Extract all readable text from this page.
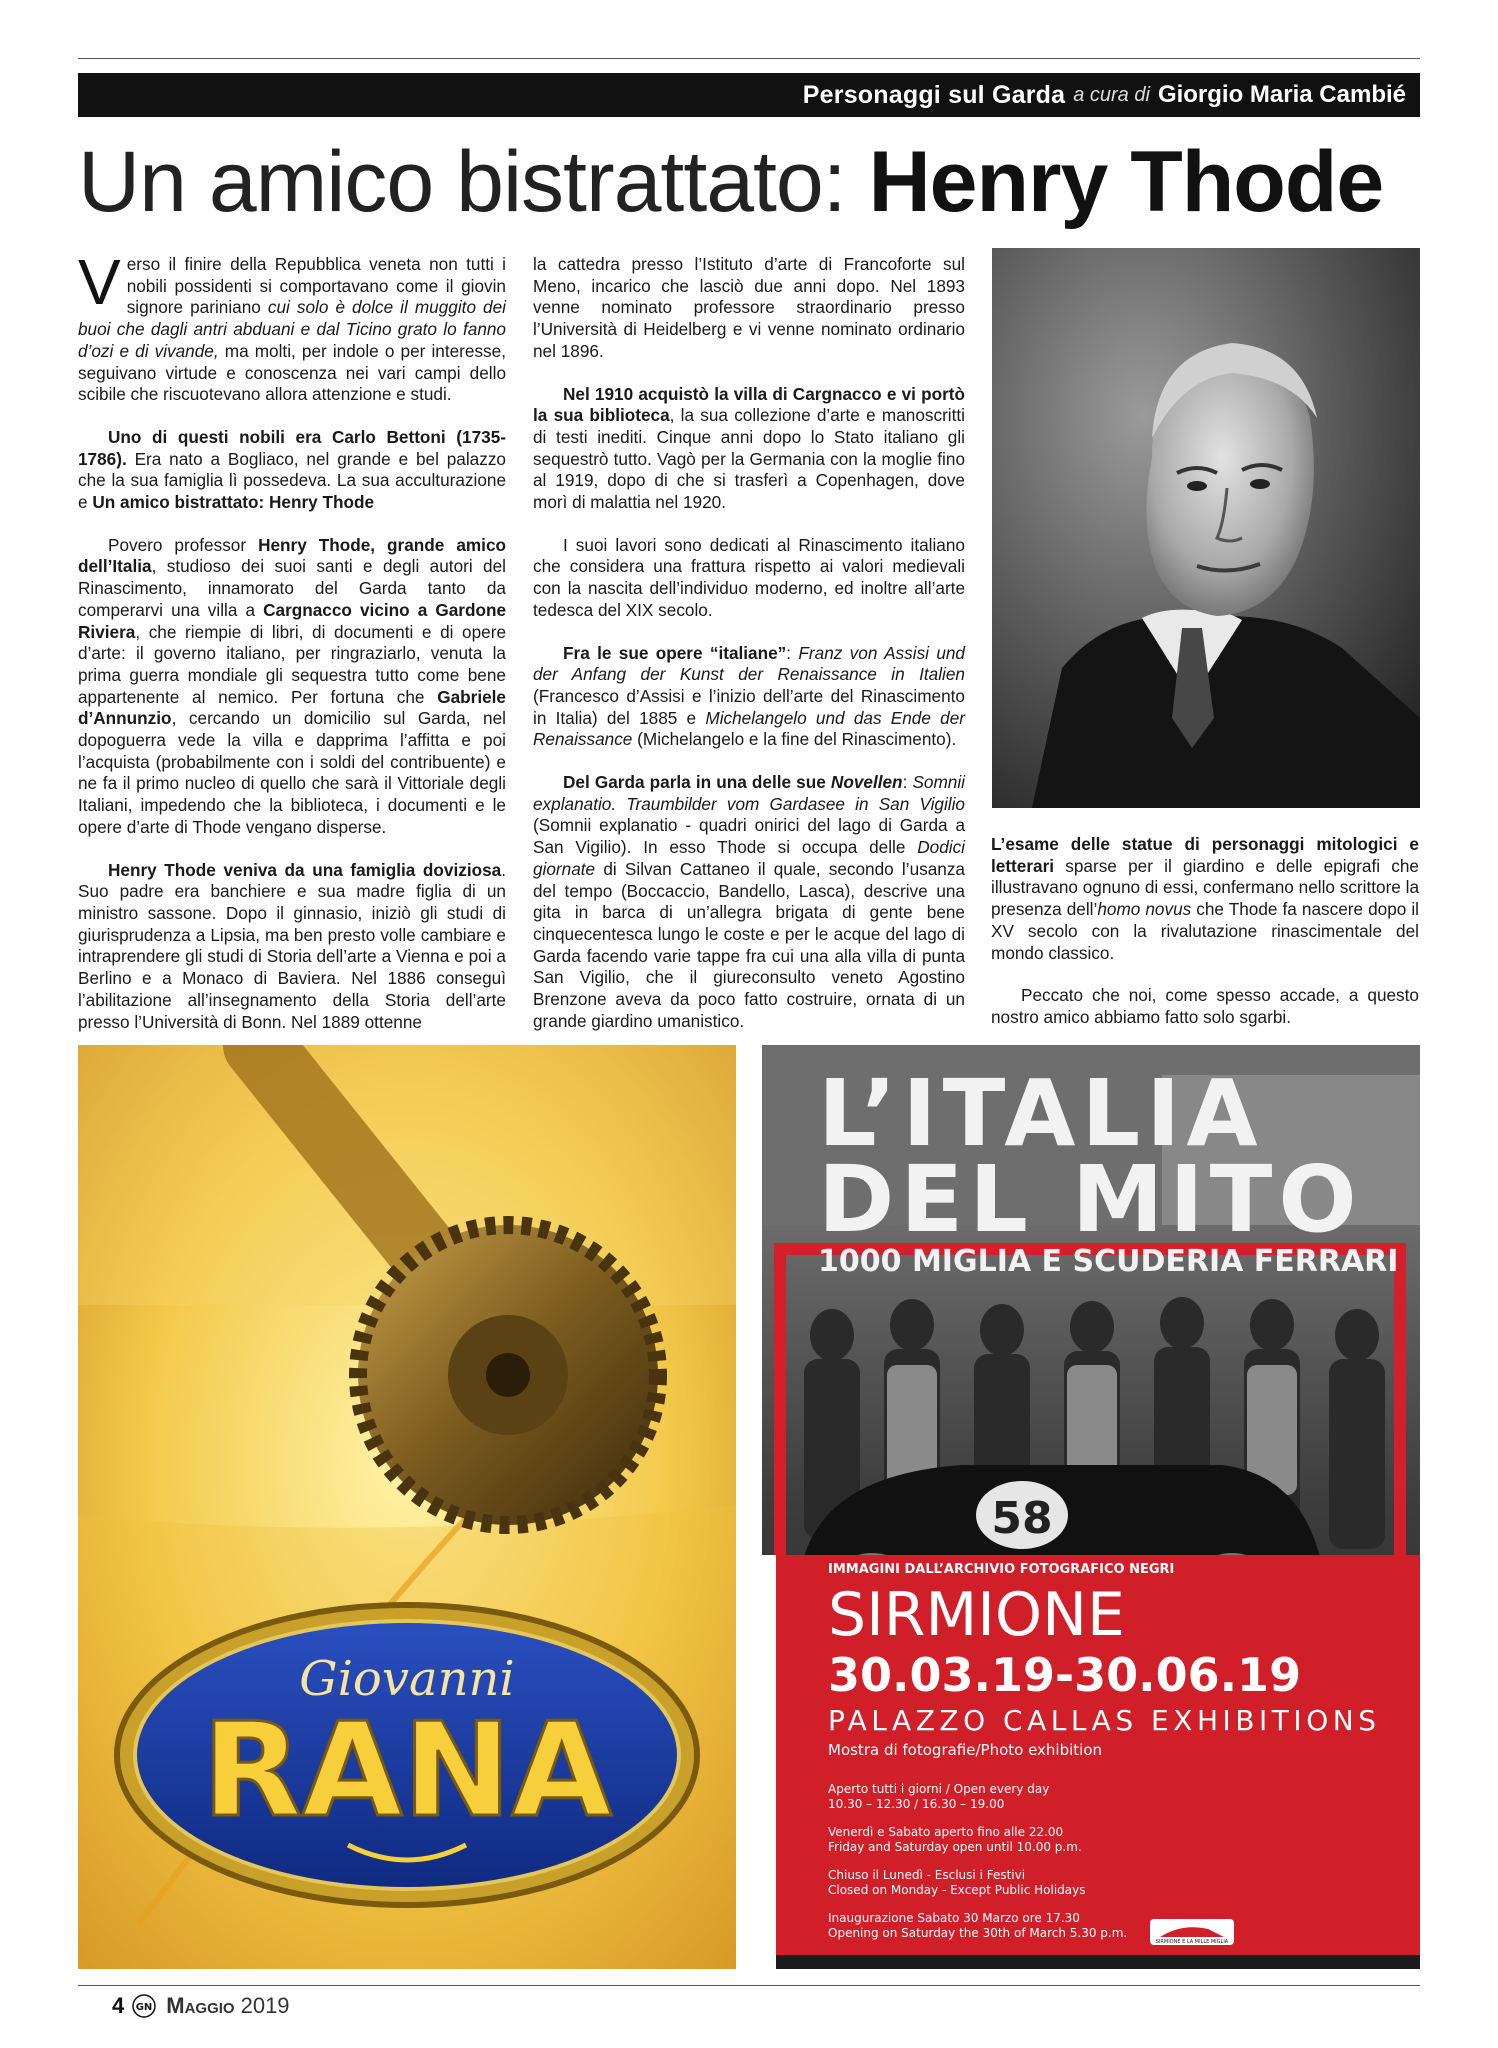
Personaggi sul Garda a cura di Giorgio Maria Cambié
Un amico bistrattato: Henry Thode

Verso il finire della Repubblica veneta non tutti i nobili possidenti si comportavano come il giovin signore pariniano cui solo è dolce il muggito dei buoi che dagli antri abduani e dal Ticino grato lo fanno d’ozi e di vivande, ma molti, per indole o per interesse, seguivano virtude e conoscenza nei vari campi dello scibile che riscuotevano allora attenzione e studi.

Uno di questi nobili era Carlo Bettoni (1735-1786). Era nato a Bogliaco, nel grande e bel palazzo che la sua famiglia lì possedeva. La sua acculturazione e Un amico bistrattato: Henry Thode

Povero professor Henry Thode, grande amico dell’Italia, studioso dei suoi santi e degli autori del Rinascimento, innamorato del Garda tanto da comperarvi una villa a Cargnacco vicino a Gardone Riviera, che riempie di libri, di documenti e di opere d’arte: il governo italiano, per ringraziarlo, venuta la prima guerra mondiale gli sequestra tutto come bene appartenente al nemico. Per fortuna che Gabriele d’Annunzio, cercando un domicilio sul Garda, nel dopoguerra vede la villa e dapprima l’affitta e poi l’acquista (probabilmente con i soldi del contribuente) e ne fa il primo nucleo di quello che sarà il Vittoriale degli Italiani, impedendo che la biblioteca, i documenti e le opere d’arte di Thode vengano disperse.

Henry Thode veniva da una famiglia doviziosa. Suo padre era banchiere e sua madre figlia di un ministro sassone. Dopo il ginnasio, iniziò gli studi di giurisprudenza a Lipsia, ma ben presto volle cambiare e intraprendere gli studi di Storia dell’arte a Vienna e poi a Berlino e a Monaco di Baviera. Nel 1886 conseguì l’abilitazione all’insegnamento della Storia dell’arte presso l’Università di Bonn. Nel 1889 ottenne

la cattedra presso l’Istituto d’arte di Francoforte sul Meno, incarico che lasciò due anni dopo. Nel 1893 venne nominato professore straordinario presso l’Università di Heidelberg e vi venne nominato ordinario nel 1896.

Nel 1910 acquistò la villa di Cargnacco e vi portò la sua biblioteca, la sua collezione d’arte e manoscritti di testi inediti. Cinque anni dopo lo Stato italiano gli sequestrò tutto. Vagò per la Germania con la moglie fino al 1919, dopo di che si trasferì a Copenhagen, dove morì di malattia nel 1920.

I suoi lavori sono dedicati al Rinascimento italiano che considera una frattura rispetto ai valori medievali con la nascita dell’individuo moderno, ed inoltre all’arte tedesca del XIX secolo.

Fra le sue opere “italiane”: Franz von Assisi und der Anfang der Kunst der Renaissance in Italien (Francesco d’Assisi e l’inizio dell’arte del Rinascimento in Italia) del 1885 e Michelangelo und das Ende der Renaissance (Michelangelo e la fine del Rinascimento).

Del Garda parla in una delle sue Novellen: Somnii explanatio. Traumbilder vom Gardasee in San Vigilio (Somnii explanatio - quadri onirici del lago di Garda a San Vigilio). In esso Thode si occupa delle Dodici giornate di Silvan Cattaneo il quale, secondo l’usanza del tempo (Boccaccio, Bandello, Lasca), descrive una gita in barca di un’allegra brigata di gente bene cinquecentesca lungo le coste e per le acque del lago di Garda facendo varie tappe fra cui una alla villa di punta San Vigilio, che il giureconsulto veneto Agostino Brenzone aveva da poco fatto costruire, ornata di un grande giardino umanistico.

L’esame delle statue di personaggi mitologici e letterari sparse per il giardino e delle epigrafi che illustravano ognuno di essi, confermano nello scrittore la presenza dell’homo novus che Thode fa nascere dopo il XV secolo con la rivalutazione rinascimentale del mondo classico.

Peccato che noi, come spesso accade, a questo nostro amico abbiamo fatto solo sgarbi.

Giovanni
RANA
58
L’ITALIA
DEL MITO
1000 MIGLIA E SCUDERIA FERRARI
IMMAGINI DALL’ARCHIVIO FOTOGRAFICO NEGRI
SIRMIONE
30.03.19-30.06.19
PALAZZO CALLAS EXHIBITIONS
Mostra di fotografie/Photo exhibition
Aperto tutti i giorni / Open every day
10.30 – 12.30 / 16.30 – 19.00
Venerdì e Sabato aperto fino alle 22.00
Friday and Saturday open until 10.00 p.m.
Chiuso il Lunedì - Esclusi i Festivi
Closed on Monday - Except Public Holidays
Inaugurazione Sabato 30 Marzo ore 17.30
Opening on Saturday the 30th of March 5.30 p.m.
SIRMIONE E LA MILLE MIGLIA
4 GN Maggio 2019
